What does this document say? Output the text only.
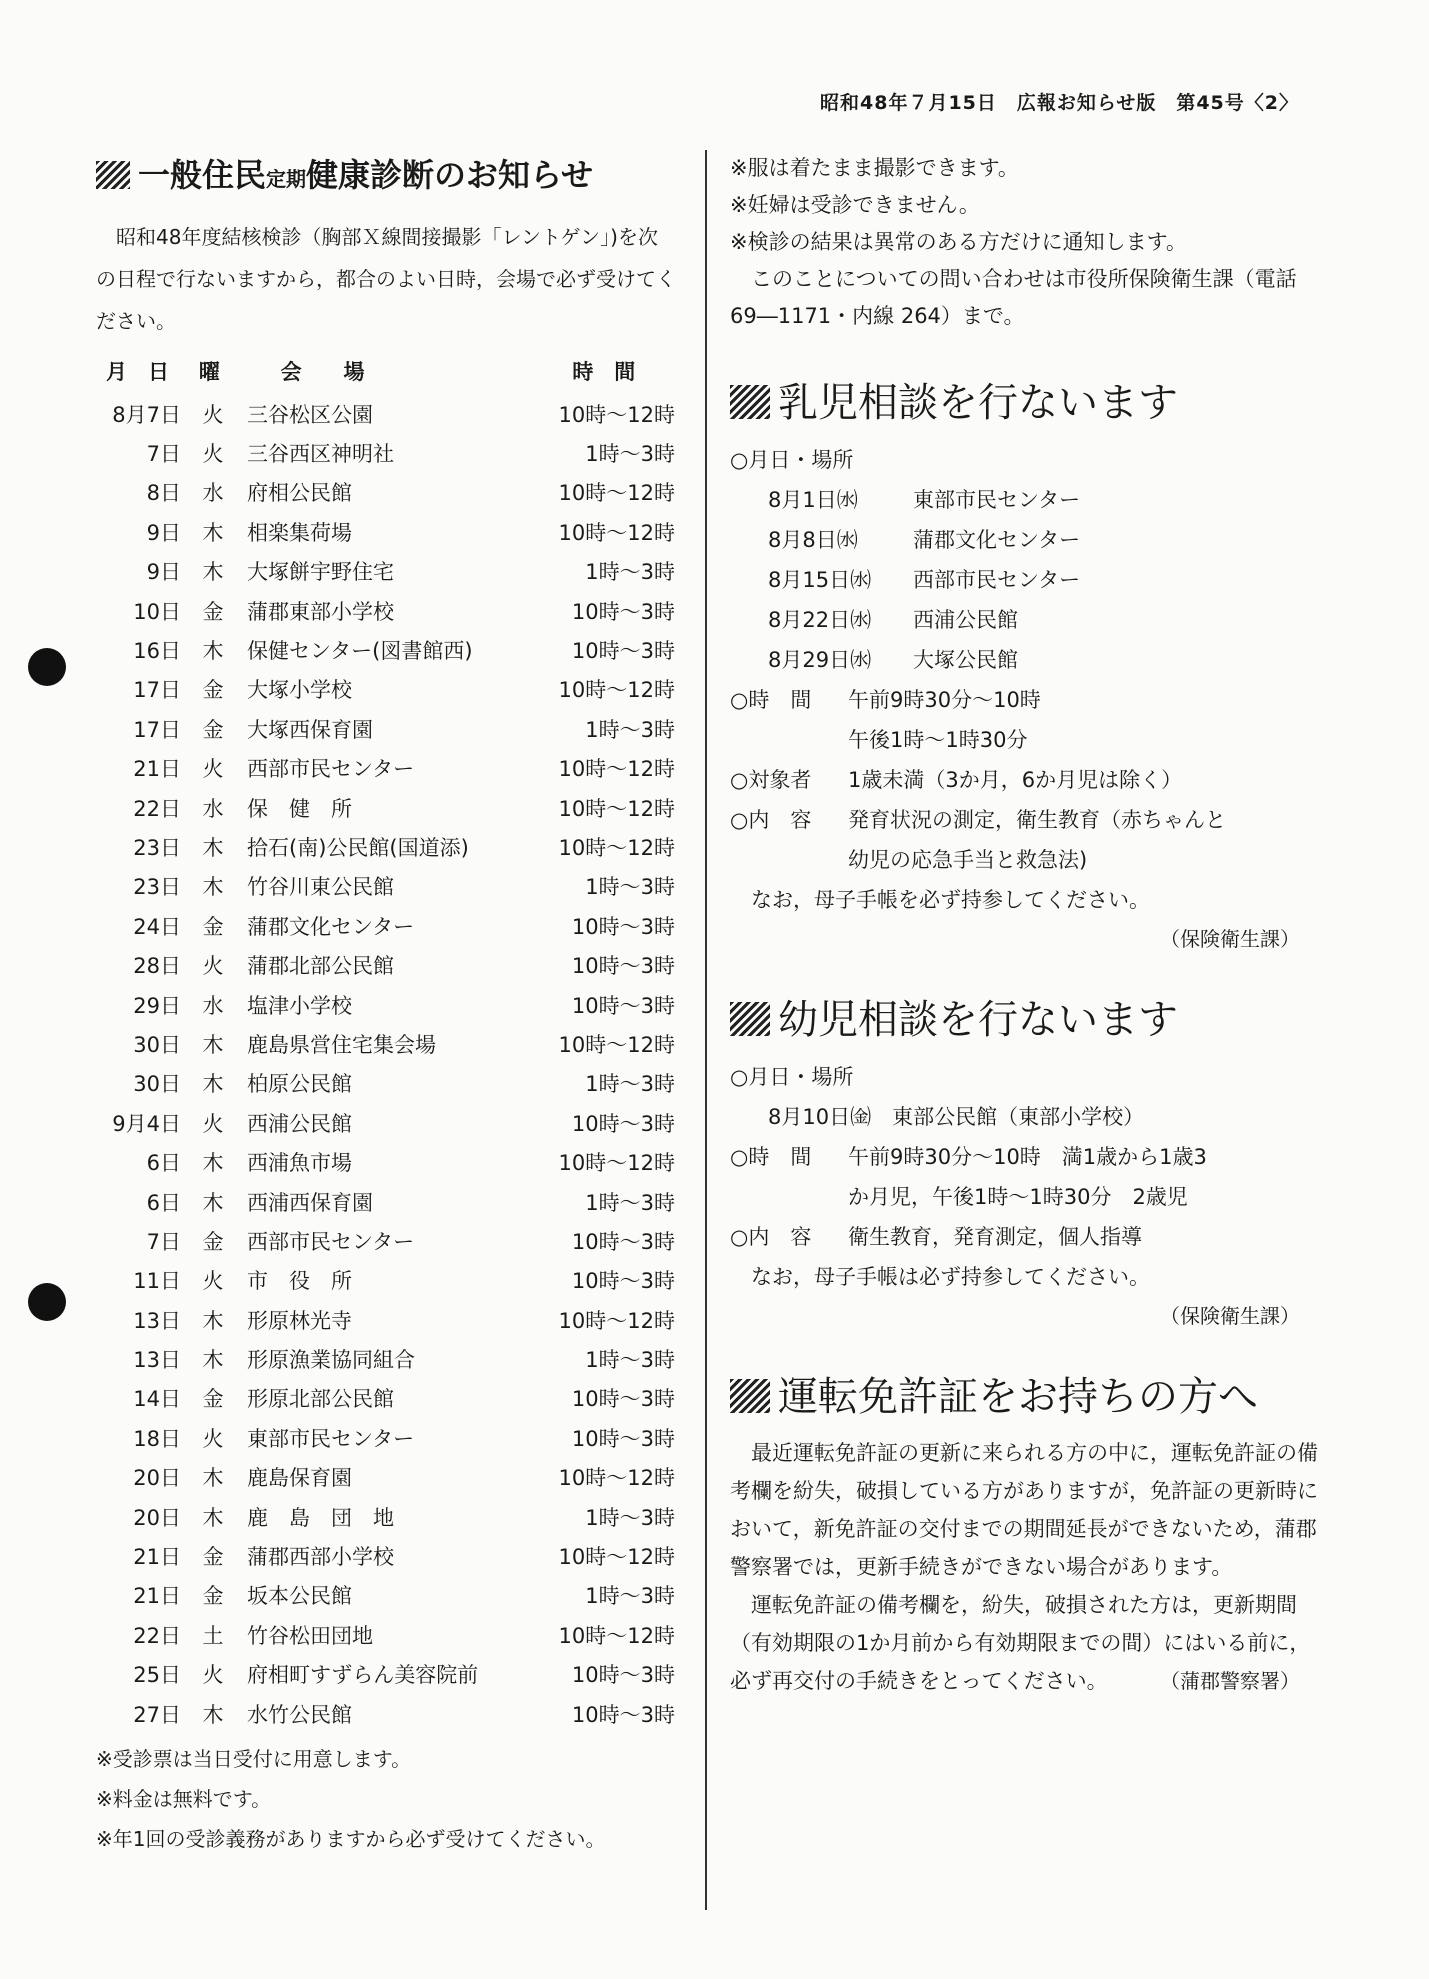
昭和48年７月15日　広報お知らせ版　第45号〈2〉
一般住民定期健康診断のお知らせ

昭和48年度結核検診（胸部Ｘ線間接撮影「レントゲン」)を次の日程で行ないますから，都合のよい日時，会場で必ず受けてください。

月　日	曜	会　　場	時　間
8月7日	火	三谷松区公園	10時〜12時
7日	火	三谷西区神明社	1時〜3時
8日	水	府相公民館	10時〜12時
9日	木	相楽集荷場	10時〜12時
9日	木	大塚餅宇野住宅	1時〜3時
10日	金	蒲郡東部小学校	10時〜3時
16日	木	保健センター(図書館西)	10時〜3時
17日	金	大塚小学校	10時〜12時
17日	金	大塚西保育園	1時〜3時
21日	火	西部市民センター	10時〜12時
22日	水	保　健　所	10時〜12時
23日	木	拾石(南)公民館(国道添)	10時〜12時
23日	木	竹谷川東公民館	1時〜3時
24日	金	蒲郡文化センター	10時〜3時
28日	火	蒲郡北部公民館	10時〜3時
29日	水	塩津小学校	10時〜3時
30日	木	鹿島県営住宅集会場	10時〜12時
30日	木	柏原公民館	1時〜3時
9月4日	火	西浦公民館	10時〜3時
6日	木	西浦魚市場	10時〜12時
6日	木	西浦西保育園	1時〜3時
7日	金	西部市民センター	10時〜3時
11日	火	市　役　所	10時〜3時
13日	木	形原林光寺	10時〜12時
13日	木	形原漁業協同組合	1時〜3時
14日	金	形原北部公民館	10時〜3時
18日	火	東部市民センター	10時〜3時
20日	木	鹿島保育園	10時〜12時
20日	木	鹿　島　団　地	1時〜3時
21日	金	蒲郡西部小学校	10時〜12時
21日	金	坂本公民館	1時〜3時
22日	土	竹谷松田団地	10時〜12時
25日	火	府相町すずらん美容院前	10時〜3時
27日	木	水竹公民館	10時〜3時

※受診票は当日受付に用意します。

※料金は無料です。

※年1回の受診義務がありますから必ず受けてください。

※服は着たまま撮影できます。

※妊婦は受診できません。

※検診の結果は異常のある方だけに通知します。

このことについての問い合わせは市役所保険衛生課（電話 69―1171・内線 264）まで。

乳児相談を行ないます

○月日・場所

8月1日㈬	東部市民センター
8月8日㈬	蒲郡文化センター
8月15日㈬ 西部市民センター
8月22日㈬ 西浦公民館
8月29日㈬ 大塚公民館
○時　間	午前9時30分〜10時
午後1時〜1時30分
○対象者	1歳未満（3か月，6か月児は除く）
○内　容	発育状況の測定，衛生教育（赤ちゃんと
幼児の応急手当と救急法)

なお，母子手帳を必ず持参してください。

（保険衛生課）

幼児相談を行ないます

○月日・場所

8月10日㈮　東部公民館（東部小学校）

○時　間	午前9時30分〜10時　満1歳から1歳3
か月児，午後1時〜1時30分　2歳児
○内　容	衛生教育，発育測定，個人指導

なお，母子手帳は必ず持参してください。

（保険衛生課）

運転免許証をお持ちの方へ

最近運転免許証の更新に来られる方の中に，運転免許証の備考欄を紛失，破損している方がありますが，免許証の更新時において，新免許証の交付までの期間延長ができないため，蒲郡警察署では，更新手続きができない場合があります。

運転免許証の備考欄を，紛失，破損された方は，更新期間（有効期限の1か月前から有効期限までの間）にはいる前に，必ず再交付の手続きをとってください。	（蒲郡警察署）
